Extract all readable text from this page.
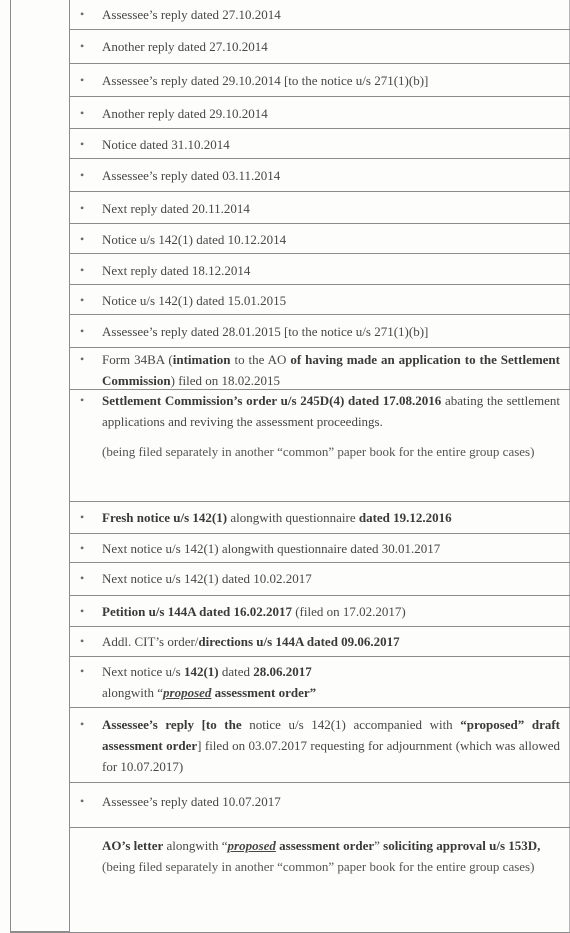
• Assessee’s reply dated 27.10.2014
• Another reply dated 27.10.2014
• Assessee’s reply dated 29.10.2014 [to the notice u/s 271(1)(b)]
• Another reply dated 29.10.2014
• Notice dated 31.10.2014
• Assessee’s reply dated 03.11.2014
• Next reply dated 20.11.2014
• Notice u/s 142(1) dated 10.12.2014
• Next reply dated 18.12.2014
• Notice u/s 142(1) dated 15.01.2015
• Assessee’s reply dated 28.01.2015 [to the notice u/s 271(1)(b)]
• Form 34BA (intimation to the AO of having made an application to the Settlement Commission) filed on 18.02.2015
• Settlement Commission’s order u/s 245D(4) dated 17.08.2016 abating the settlement applications and reviving the assessment proceedings.
(being filed separately in another “common” paper book for the entire group cases)
• Fresh notice u/s 142(1) alongwith questionnaire dated 19.12.2016
• Next notice u/s 142(1) alongwith questionnaire dated 30.01.2017
• Next notice u/s 142(1) dated 10.02.2017
• Petition u/s 144A dated 16.02.2017 (filed on 17.02.2017)
• Addl. CIT’s order/directions u/s 144A dated 09.06.2017
• Next notice u/s 142(1) dated 28.06.2017
alongwith “proposed assessment order”
• Assessee’s reply [to the notice u/s 142(1) accompanied with “proposed” draft assessment order] filed on 03.07.2017 requesting for adjournment (which was allowed for 10.07.2017)
• Assessee’s reply dated 10.07.2017
AO’s letter alongwith “proposed assessment order” soliciting approval u/s 153D,
(being filed separately in another “common” paper book for the entire group cases)
